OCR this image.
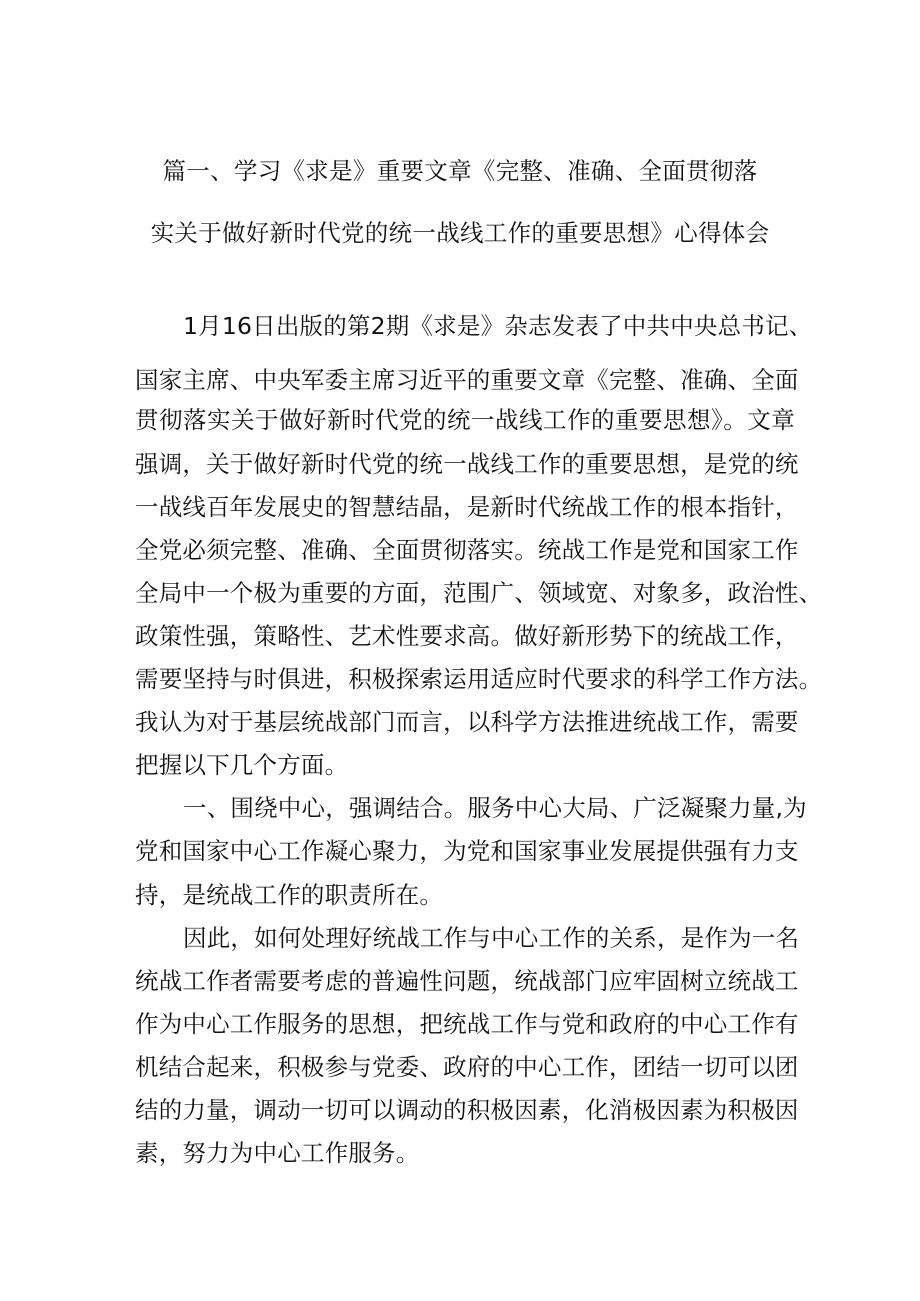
篇一、学习《求是》重要文章《完整、准确、全面贯彻落
实关于做好新时代党的统一战线工作的重要思想》心得体会
1月16日出版的第2期《求是》杂志发表了中共中央总书记、
国家主席、中央军委主席习近平的重要文章《完整、准确、全面
贯彻落实关于做好新时代党的统一战线工作的重要思想》。文章
强调，关于做好新时代党的统一战线工作的重要思想，是党的统
一战线百年发展史的智慧结晶，是新时代统战工作的根本指针，
全党必须完整、准确、全面贯彻落实。统战工作是党和国家工作
全局中一个极为重要的方面，范围广、领域宽、对象多，政治性、
政策性强，策略性、艺术性要求高。做好新形势下的统战工作，
需要坚持与时俱进，积极探索运用适应时代要求的科学工作方法。
我认为对于基层统战部门而言，以科学方法推进统战工作，需要
把握以下几个方面。
一、围绕中心，强调结合。服务中心大局、广泛凝聚力量,为
党和国家中心工作凝心聚力，为党和国家事业发展提供强有力支
持，是统战工作的职责所在。
因此，如何处理好统战工作与中心工作的关系，是作为一名
统战工作者需要考虑的普遍性问题，统战部门应牢固树立统战工
作为中心工作服务的思想，把统战工作与党和政府的中心工作有
机结合起来，积极参与党委、政府的中心工作，团结一切可以团
结的力量，调动一切可以调动的积极因素，化消极因素为积极因
素，努力为中心工作服务。
